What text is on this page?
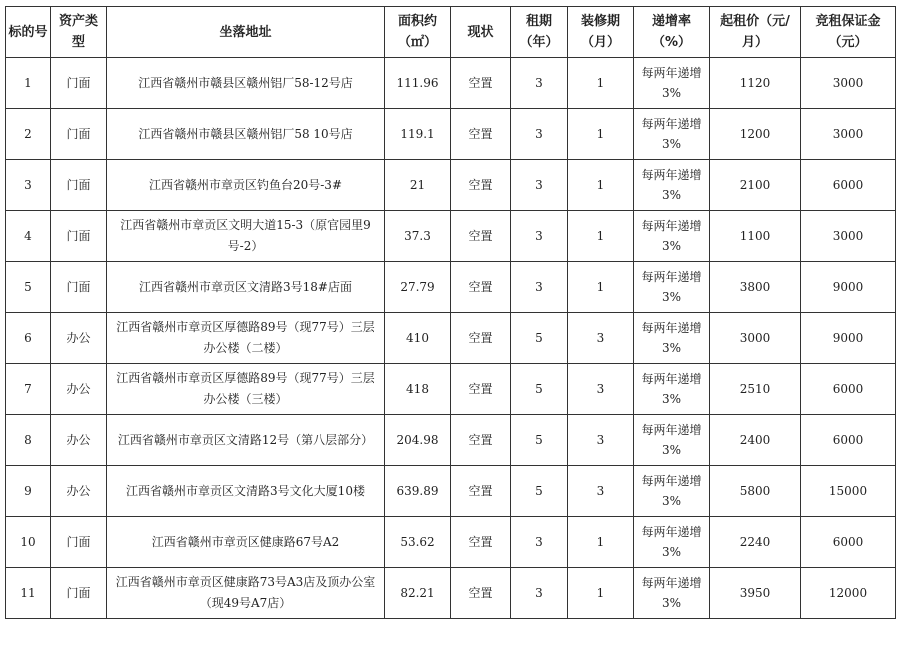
标的号	资产类型	坐落地址	面积约（㎡）	现状	租期（年）	装修期（月）	递增率（%）	起租价（元/月）	竞租保证金（元）
1	门面	江西省赣州市赣县区赣州铝厂58-12号店	111.96	空置	3	1	每两年递增3%	1120	3000
2	门面	江西省赣州市赣县区赣州铝厂58 10号店	119.1	空置	3	1	每两年递增3%	1200	3000
3	门面	江西省赣州市章贡区钓鱼台20号-3#	21	空置	3	1	每两年递增3%	2100	6000
4	门面	江西省赣州市章贡区文明大道15-3（原官园里9号-2）	37.3	空置	3	1	每两年递增3%	1100	3000
5	门面	江西省赣州市章贡区文清路3号18#店面	27.79	空置	3	1	每两年递增3%	3800	9000
6	办公	江西省赣州市章贡区厚德路89号（现77号）三层办公楼（二楼）	410	空置	5	3	每两年递增3%	3000	9000
7	办公	江西省赣州市章贡区厚德路89号（现77号）三层办公楼（三楼）	418	空置	5	3	每两年递增3%	2510	6000
8	办公	江西省赣州市章贡区文清路12号（第八层部分）	204.98	空置	5	3	每两年递增3%	2400	6000
9	办公	江西省赣州市章贡区文清路3号文化大厦10楼	639.89	空置	5	3	每两年递增3%	5800	15000
10	门面	江西省赣州市章贡区健康路67号A2	53.62	空置	3	1	每两年递增3%	2240	6000
11	门面	江西省赣州市章贡区健康路73号A3店及顶办公室（现49号A7店）	82.21	空置	3	1	每两年递增3%	3950	12000
